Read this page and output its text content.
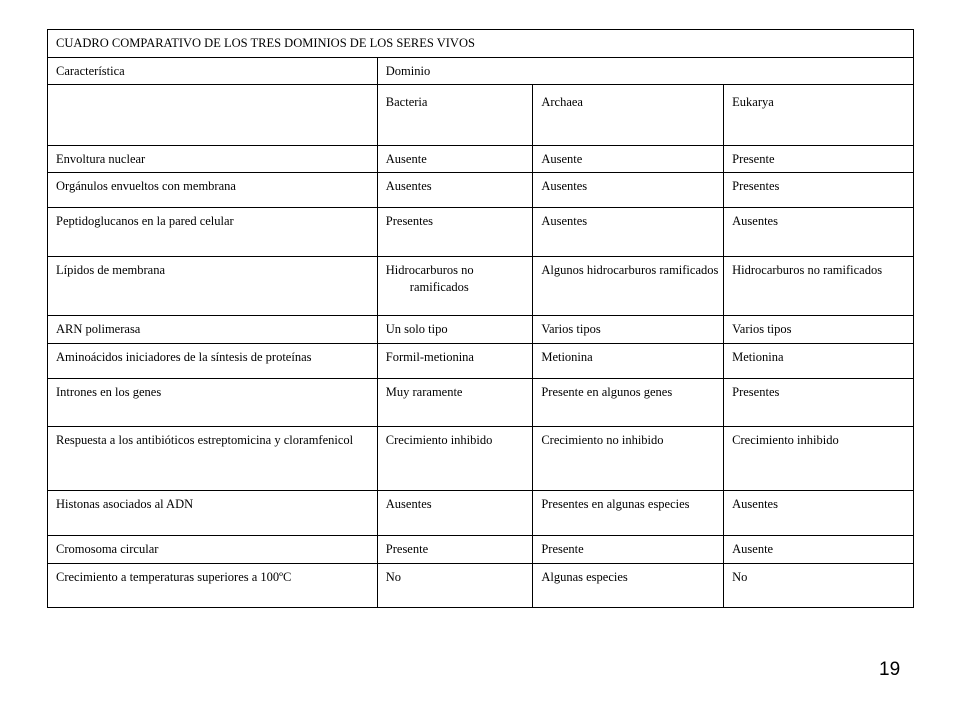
CUADRO COMPARATIVO DE LOS TRES DOMINIOS DE LOS SERES VIVOS			
Característica	Dominio		
	Bacteria	Archaea	Eukarya
Envoltura nuclear	Ausente	Ausente	Presente
Orgánulos envueltos con membrana	Ausentes	Ausentes	Presentes
Peptidoglucanos en la pared celular	Presentes	Ausentes	Ausentes
Lípidos de membrana	Hidrocarburos no ramificados	Algunos hidrocarburos ramificados	Hidrocarburos no ramificados
ARN polimerasa	Un solo tipo	Varios tipos	Varios tipos
Aminoácidos iniciadores de la síntesis de proteínas	Formil-metionina	Metionina	Metionina
Intrones en los genes	Muy raramente	Presente en algunos genes	Presentes
Respuesta a los antibióticos estreptomicina y cloramfenicol	Crecimiento inhibido	Crecimiento no inhibido	Crecimiento inhibido
Histonas asociados al ADN	Ausentes	Presentes en algunas especies	Ausentes
Cromosoma circular	Presente	Presente	Ausente
Crecimiento a temperaturas superiores a 100ºC	No	Algunas especies	No
19
